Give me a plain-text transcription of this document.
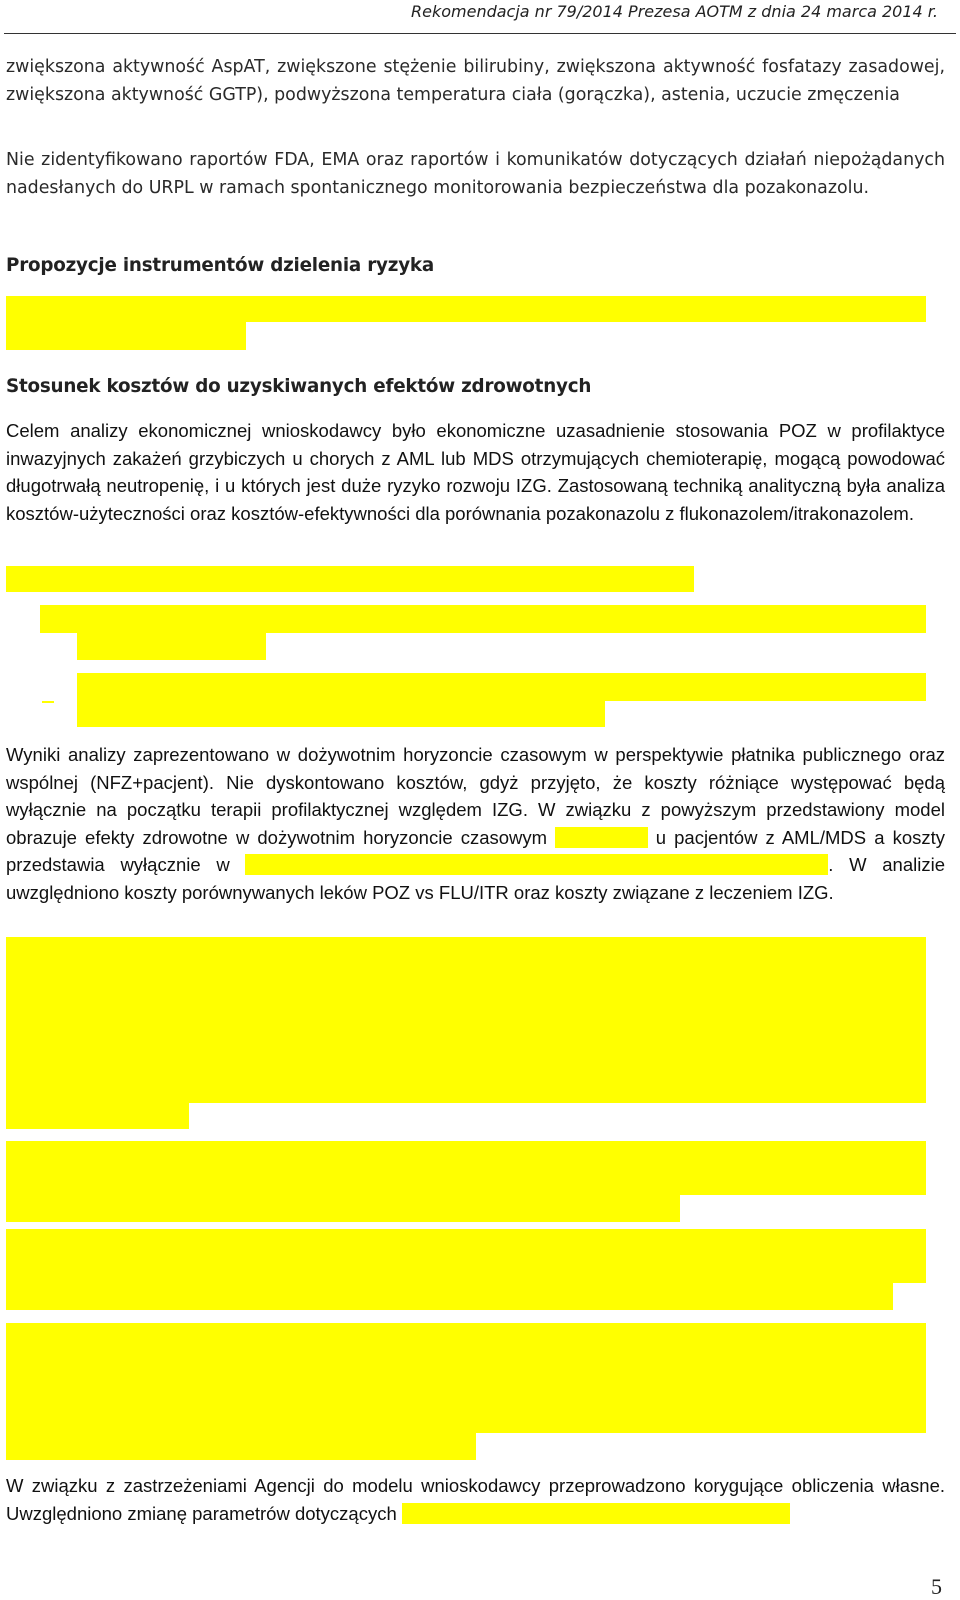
Rekomendacja nr 79/2014 Prezesa AOTM z dnia 24 marca 2014 r.

zwiększona aktywność AspAT, zwiększone stężenie bilirubiny, zwiększona aktywność fosfatazy zasadowej, zwiększona aktywność GGTP), podwyższona temperatura ciała (gorączka), astenia, uczucie zmęczenia

Nie zidentyfikowano raportów FDA, EMA oraz raportów i komunikatów dotyczących działań niepożądanych nadesłanych do URPL w ramach spontanicznego monitorowania bezpieczeństwa dla pozakonazolu.

Propozycje instrumentów dzielenia ryzyka
Stosunek kosztów do uzyskiwanych efektów zdrowotnych

Celem analizy ekonomicznej wnioskodawcy było ekonomiczne uzasadnienie stosowania POZ w profilaktyce inwazyjnych zakażeń grzybiczych u chorych z AML lub MDS otrzymujących chemioterapię, mogącą powodować długotrwałą neutropenię, i u których jest duże ryzyko rozwoju IZG. Zastosowaną techniką analityczną była analiza kosztów-użyteczności oraz kosztów-efektywności dla porównania pozakonazolu z flukonazolem/itrakonazolem.

Wyniki analizy zaprezentowano w dożywotnim horyzoncie czasowym w perspektywie płatnika publicznego oraz wspólnej (NFZ+pacjent). Nie dyskontowano kosztów, gdyż przyjęto, że koszty różniące występować będą wyłącznie na początku terapii profilaktycznej względem IZG. W związku z powyższym przedstawiony model obrazuje efekty zdrowotne w dożywotnim horyzoncie czasowym	u pacjentów z AML/MDS a koszty przedstawia wyłącznie w	. W analizie uwzględniono koszty porównywanych leków POZ vs FLU/ITR oraz koszty związane z leczeniem IZG.

W związku z zastrzeżeniami Agencji do modelu wnioskodawcy przeprowadzono korygujące obliczenia własne. Uwzględniono zmianę parametrów dotyczących

5
